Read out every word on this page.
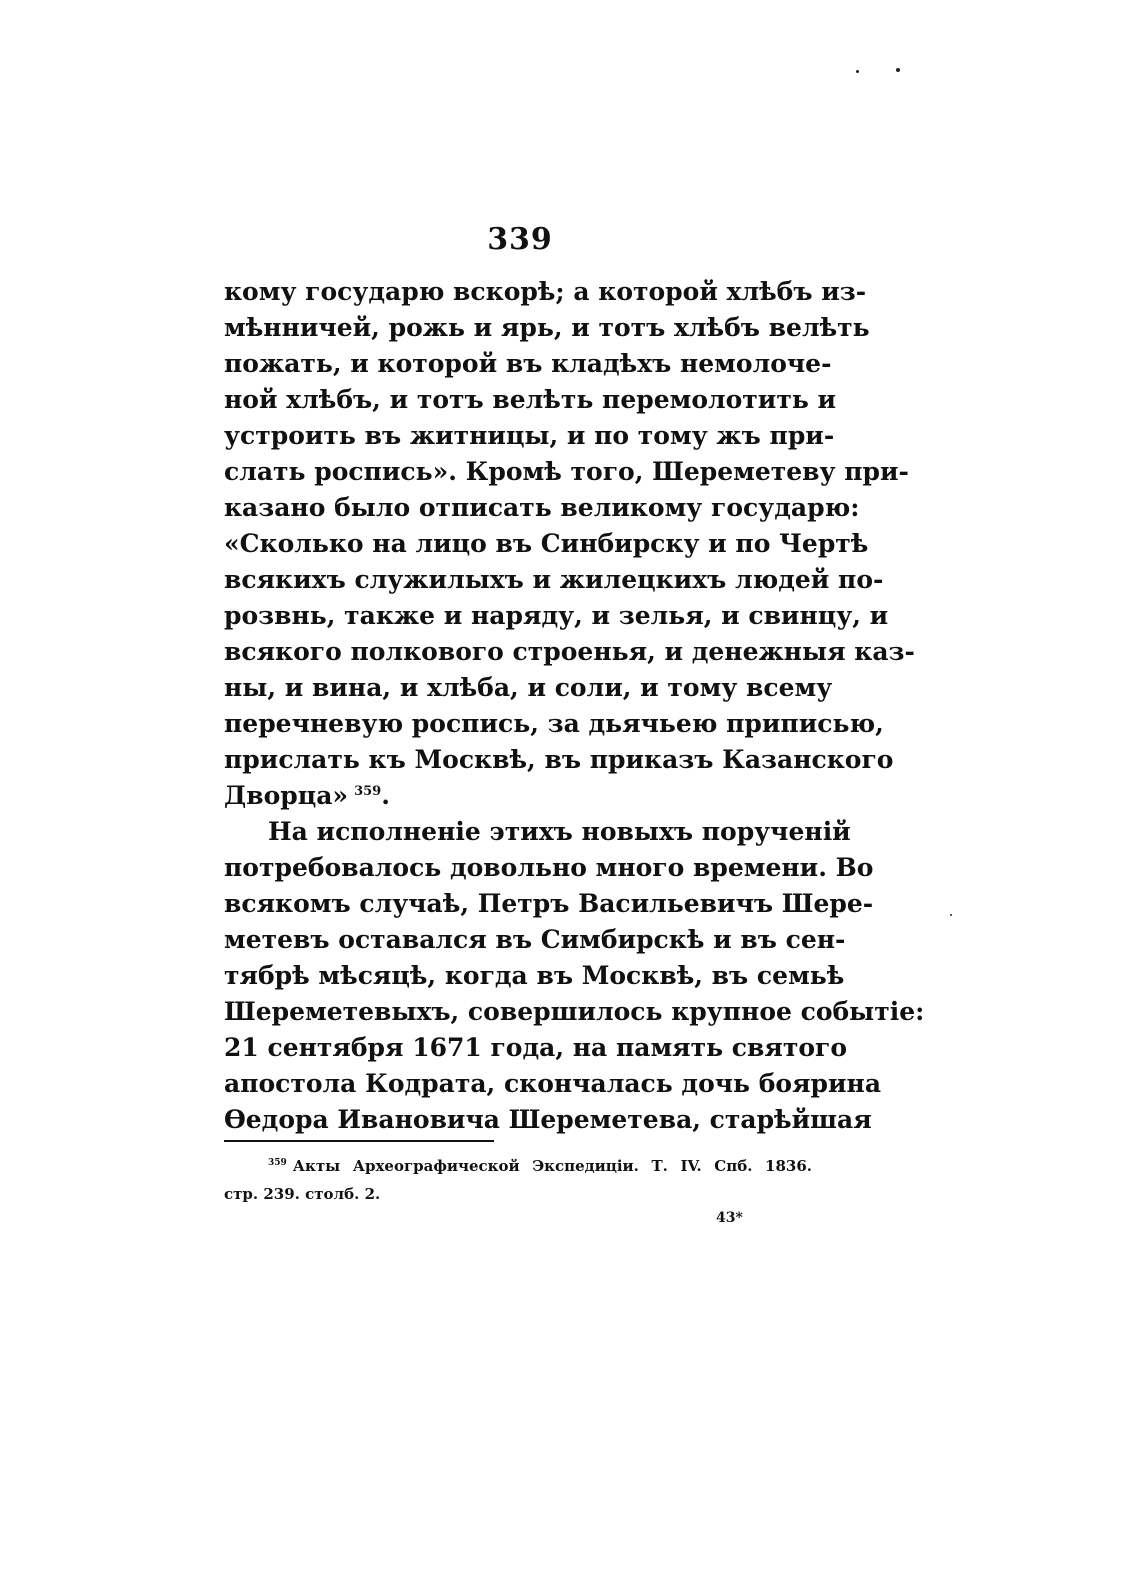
339
кому государю вскорѣ; а которой хлѣбъ из-
мѣнничей, рожь и ярь, и тотъ хлѣбъ велѣть
пожать, и которой въ кладѣхъ немолоче-
ной хлѣбъ, и тотъ велѣть перемолотить и
устроить въ житницы, и по тому жъ при-
слать роспись». Кромѣ того, Шереметеву при-
казано было отписать великому государю:
«Сколько на лицо въ Синбирску и по Чертѣ
всякихъ служилыхъ и жилецкихъ людей по-
розвнь, также и наряду, и зелья, и свинцу, и
всякого полкового строенья, и денежныя каз-
ны, и вина, и хлѣба, и соли, и тому всему
перечневую роспись, за дьячьею приписью,
прислать къ Москвѣ, въ приказъ Казанского
Дворца» $^{359}$.
На исполненіе этихъ новыхъ порученій
потребовалось довольно много времени. Во
всякомъ случаѣ, Петръ Васильевичъ Шере-
метевъ оставался въ Симбирскѣ и въ сен-
тябрѣ мѣсяцѣ, когда въ Москвѣ, въ семьѣ
Шереметевыхъ, совершилось крупное событіе:
21 сентября 1671 года, на память святого
апостола Кодрата, скончалась дочь боярина
Ѳедора Ивановича Шереметева, старѣйшая
$^{359}$ Акты Археографической Экспедиціи. Т. IV. Спб. 1836.
стр. 239. столб. 2.
43*
